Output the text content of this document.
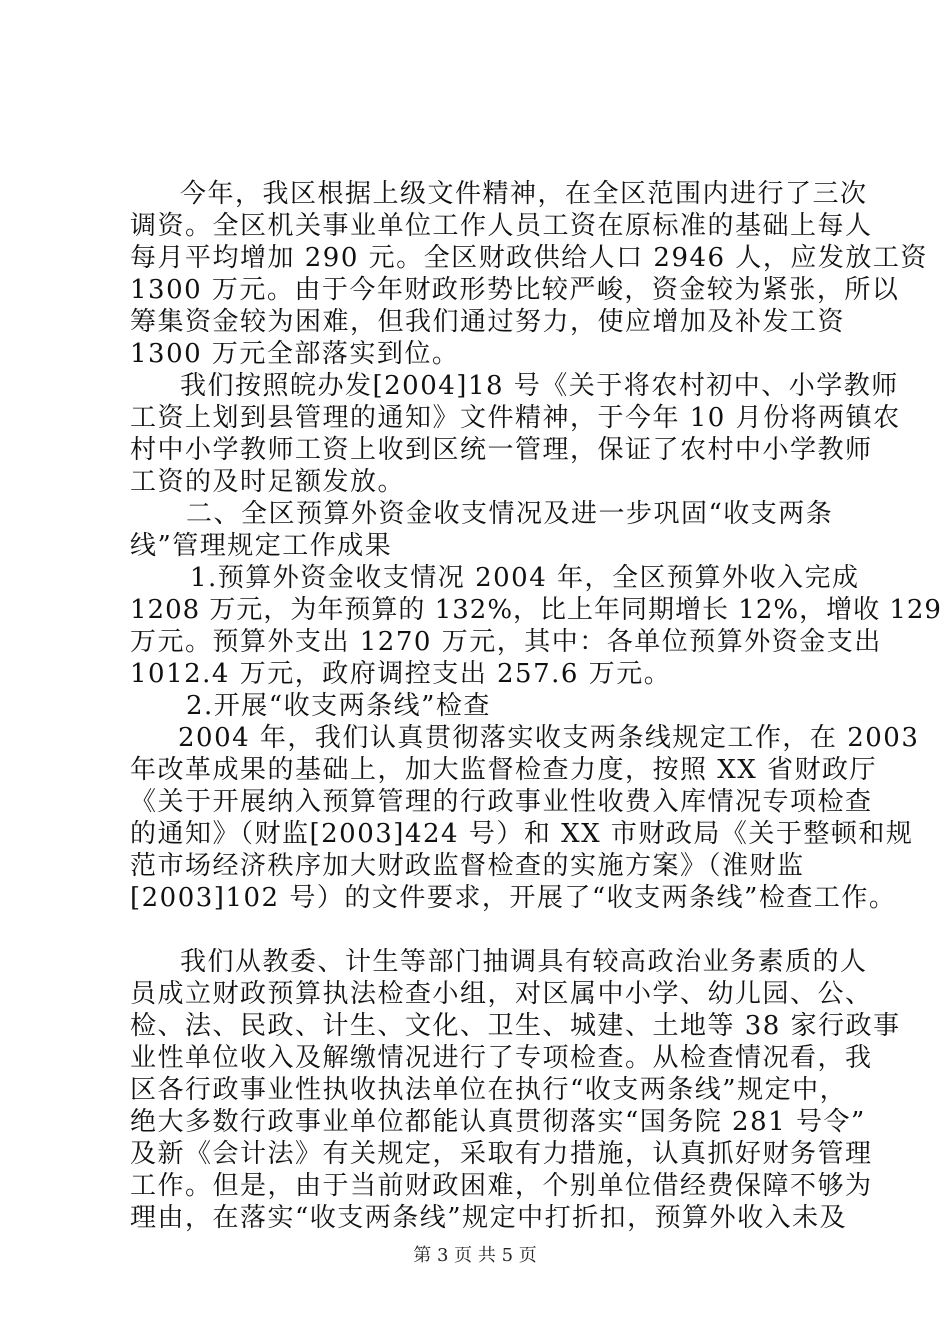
今年，我区根据上级文件精神，在全区范围内进行了三次
调资。全区机关事业单位工作人员工资在原标准的基础上每人
每月平均增加 290 元。全区财政供给人口 2946 人，应发放工资
1300 万元。由于今年财政形势比较严峻，资金较为紧张，所以
筹集资金较为困难，但我们通过努力，使应增加及补发工资
1300 万元全部落实到位。
我们按照皖办发[2004]18 号《关于将农村初中、小学教师
工资上划到县管理的通知》文件精神，于今年 10 月份将两镇农
村中小学教师工资上收到区统一管理，保证了农村中小学教师
工资的及时足额发放。
二、全区预算外资金收支情况及进一步巩固“收支两条
线”管理规定工作成果
1.预算外资金收支情况 2004 年，全区预算外收入完成
1208 万元，为年预算的 132%，比上年同期增长 12%，增收 129
万元。预算外支出 1270 万元，其中：各单位预算外资金支出
1012.4 万元，政府调控支出 257.6 万元。
2.开展“收支两条线”检查
2004 年，我们认真贯彻落实收支两条线规定工作，在 2003
年改革成果的基础上，加大监督检查力度，按照 XX 省财政厅
《关于开展纳入预算管理的行政事业性收费入库情况专项检查
的通知》（财监[2003]424 号）和 XX 市财政局《关于整顿和规
范市场经济秩序加大财政监督检查的实施方案》（淮财监
[2003]102 号）的文件要求，开展了“收支两条线”检查工作。
我们从教委、计生等部门抽调具有较高政治业务素质的人
员成立财政预算执法检查小组，对区属中小学、幼儿园、公、
检、法、民政、计生、文化、卫生、城建、土地等 38 家行政事
业性单位收入及解缴情况进行了专项检查。从检查情况看，我
区各行政事业性执收执法单位在执行“收支两条线”规定中，
绝大多数行政事业单位都能认真贯彻落实“国务院 281 号令”
及新《会计法》有关规定，采取有力措施，认真抓好财务管理
工作。但是，由于当前财政困难，个别单位借经费保障不够为
理由，在落实“收支两条线”规定中打折扣，预算外收入未及
第 3 页 共 5 页
